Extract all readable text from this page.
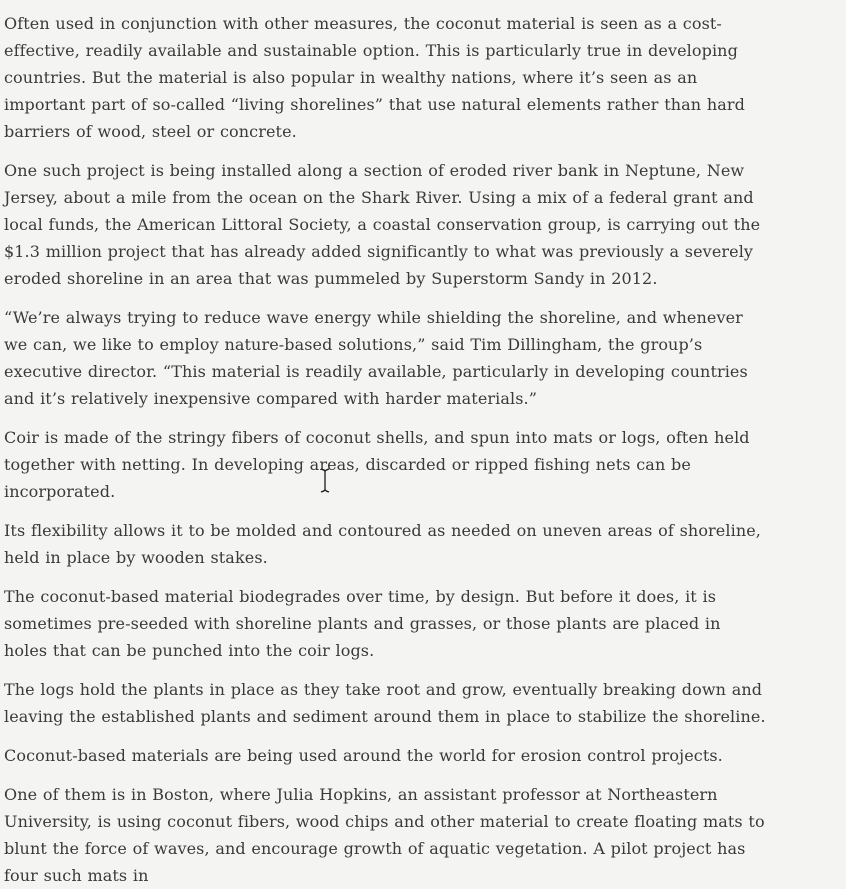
Often used in conjunction with other measures, the coconut material is seen as a cost-effective, readily available and sustainable option. This is particularly true in developing countries. But the material is also popular in wealthy nations, where it’s seen as an important part of so-called “living shorelines” that use natural elements rather than hard barriers of wood, steel or concrete.

One such project is being installed along a section of eroded river bank in Neptune, New Jersey, about a mile from the ocean on the Shark River. Using a mix of a federal grant and local funds, the American Littoral Society, a coastal conservation group, is carrying out the $1.3 million project that has already added significantly to what was previously a severely eroded shoreline in an area that was pummeled by Superstorm Sandy in 2012.

“We’re always trying to reduce wave energy while shielding the shoreline, and whenever we can, we like to employ nature-based solutions,” said Tim Dillingham, the group’s executive director. “This material is readily available, particularly in developing countries and it’s relatively inexpensive compared with harder materials.”

Coir is made of the stringy fibers of coconut shells, and spun into mats or logs, often held together with netting. In developing areas, discarded or ripped fishing nets can be incorporated.

Its flexibility allows it to be molded and contoured as needed on uneven areas of shoreline, held in place by wooden stakes.

The coconut-based material biodegrades over time, by design. But before it does, it is sometimes pre-seeded with shoreline plants and grasses, or those plants are placed in holes that can be punched into the coir logs.

The logs hold the plants in place as they take root and grow, eventually breaking down and leaving the established plants and sediment around them in place to stabilize the shoreline.

Coconut-based materials are being used around the world for erosion control projects.

One of them is in Boston, where Julia Hopkins, an assistant professor at Northeastern University, is using coconut fibers, wood chips and other material to create floating mats to blunt the force of waves, and encourage growth of aquatic vegetation. A pilot project has four such mats in
